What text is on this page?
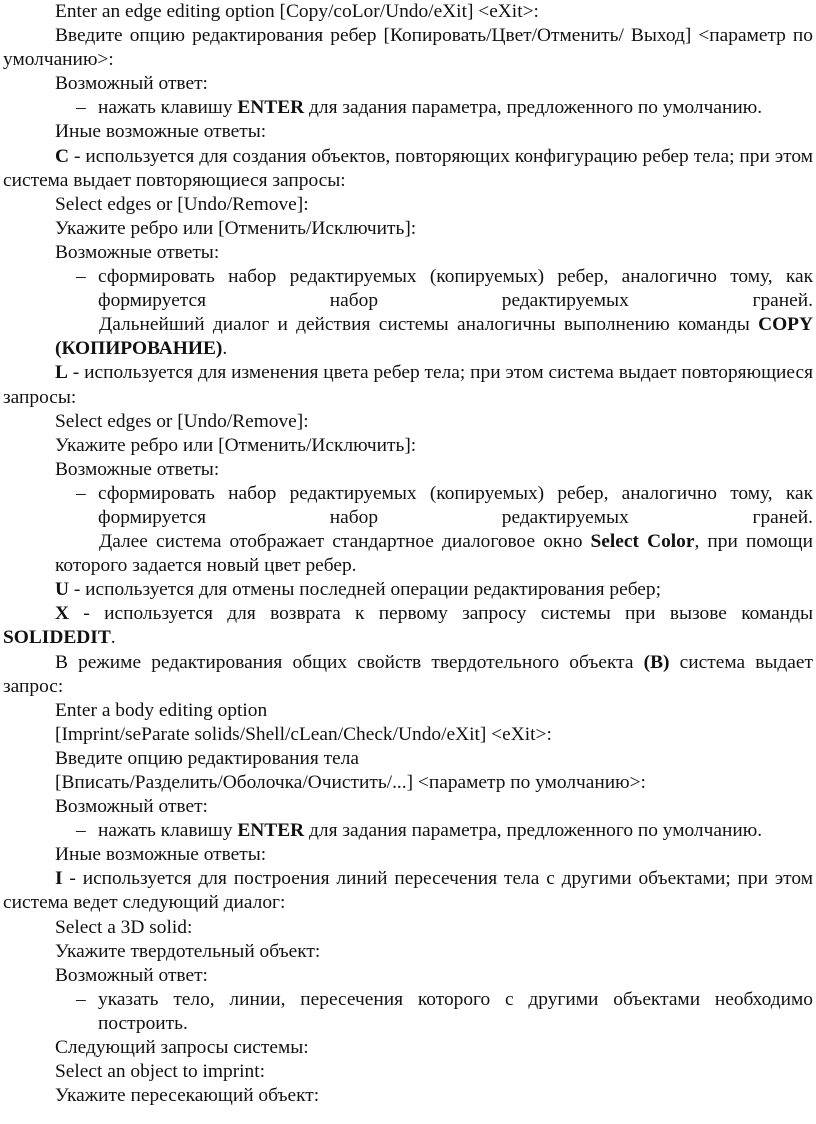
Enter an edge editing option [Copy/coLor/Undo/eXit] <eXit>:

Введите опцию редактирования ребер [Копировать/Цвет/Отменить/ Выход] <параметр по умолчанию>:

Возможный ответ:

– нажать клавишу ENTER для задания параметра, предложенного по умолчанию.

Иные возможные ответы:

C - используется для создания объектов, повторяющих конфигурацию ребер тела; при этом система выдает повторяющиеся запросы:

Select edges or [Undo/Remove]:

Укажите ребро или [Отменить/Исключить]:

Возможные ответы:

– сформировать набор редактируемых (копируемых) ребер, аналогично тому, как формируется набор редактируемых граней.

Дальнейший диалог и действия системы аналогичны выполнению команды COPY (КОПИРОВАНИЕ).

L - используется для изменения цвета ребер тела; при этом система выдает повторяющиеся запросы:

Select edges or [Undo/Remove]:

Укажите ребро или [Отменить/Исключить]:

Возможные ответы:

– сформировать набор редактируемых (копируемых) ребер, аналогично тому, как формируется набор редактируемых граней.

Далее система отображает стандартное диалоговое окно Select Color, при помощи которого задается новый цвет ребер.

U - используется для отмены последней операции редактирования ребер;

X - используется для возврата к первому запросу системы при вызове команды SOLIDEDIT.

В режиме редактирования общих свойств твердотельного объекта (B) система выдает запрос:

Enter a body editing option

[Imprint/seParate solids/Shell/cLean/Check/Undo/eXit] <eXit>:

Введите опцию редактирования тела

[Вписать/Разделить/Оболочка/Очистить/...] <параметр по умолчанию>:

Возможный ответ:

– нажать клавишу ENTER для задания параметра, предложенного по умолчанию.

Иные возможные ответы:

I - используется для построения линий пересечения тела с другими объектами; при этом система ведет следующий диалог:

Select a 3D solid:

Укажите твердотельный объект:

Возможный ответ:

– указать тело, линии, пересечения которого с другими объектами необходимо построить.

Следующий запросы системы:

Select an object to imprint:

Укажите пересекающий объект:
